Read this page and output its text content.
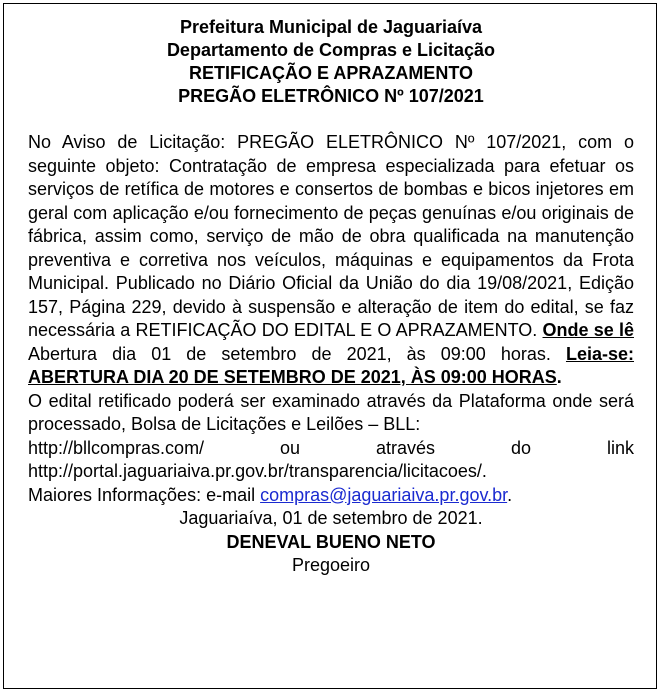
Prefeitura Municipal de Jaguariaíva
Departamento de Compras e Licitação
RETIFICAÇÃO E APRAZAMENTO
PREGÃO ELETRÔNICO Nº 107/2021

No Aviso de Licitação: PREGÃO ELETRÔNICO Nº 107/2021, com o seguinte objeto: Contratação de empresa especializada para efetuar os serviços de retífica de motores e consertos de bombas e bicos injetores em geral com aplicação e/ou fornecimento de peças genuínas e/ou originais de fábrica, assim como, serviço de mão de obra qualificada na manutenção preventiva e corretiva nos veículos, máquinas e equipamentos da Frota Municipal. Publicado no Diário Oficial da União do dia 19/08/2021, Edição 157, Página 229, devido à suspensão e alteração de item do edital, se faz necessária a RETIFICAÇÃO DO EDITAL E O APRAZAMENTO. Onde se lê Abertura dia 01 de setembro de 2021, às 09:00 horas. Leia-se: ABERTURA DIA 20 DE SETEMBRO DE 2021, ÀS 09:00 HORAS.

O edital retificado poderá ser examinado através da Plataforma onde será processado, Bolsa de Licitações e Leilões – BLL:

http://bllcompras.com/	ou	através	do	link
http://portal.jaguariaiva.pr.gov.br/transparencia/licitacoes/.
Maiores Informações: e-mail compras@jaguariaiva.pr.gov.br.
Jaguariaíva, 01 de setembro de 2021.
DENEVAL BUENO NETO
Pregoeiro
